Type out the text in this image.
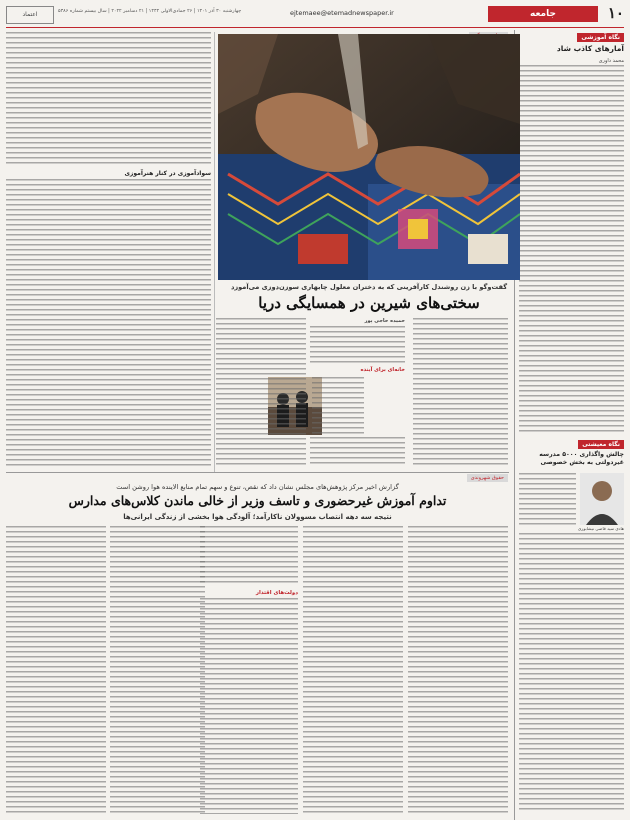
۱۰
جامعه
ejtemaee@etemadnewspaper.ir
چهارشنبه ۳۰ آذر ۱۴۰۱ | ۲۶ جمادی‌الاولی ۱۴۴۴ | ۲۱ دسامبر ۲۰۲۲ | سال بیستم شماره ۵۳۸۶
اعتماد
نگاه آموزشی
آمارهای کاذب شاد
محمد داوری
نگاه معیشتی
چالش واگذاری ۵۰۰۰ مدرسه غیردولتی به بخش خصوصی
هادی سید قاضی نیشابوری
گفت‌وگو با زن روشندل کارآفرینی که به دختران معلول چابهاری سوزن‌دوزی می‌آموزد
سختی‌های شیرین در همسایگی دریا
حمیده حاجی پور
خانه‌ای برای آینده
سوادآموزی در کنار هنرآموزی
حقوق شهروندی
گزارش اخیر مرکز پژوهش‌های مجلس نشان داد که نقص، تنوع و سهم تمام منابع الاینده هوا روشن است
تداوم آموزش غیرحضوری و تاسف وزیر از خالی ماندن کلاس‌های مدارس
نتیجه سه دهه انتصاب مسوولان ناکارآمد؛ آلودگی هوا بخشی از زندگی ایرانی‌ها
دولت‌های اقتدار
